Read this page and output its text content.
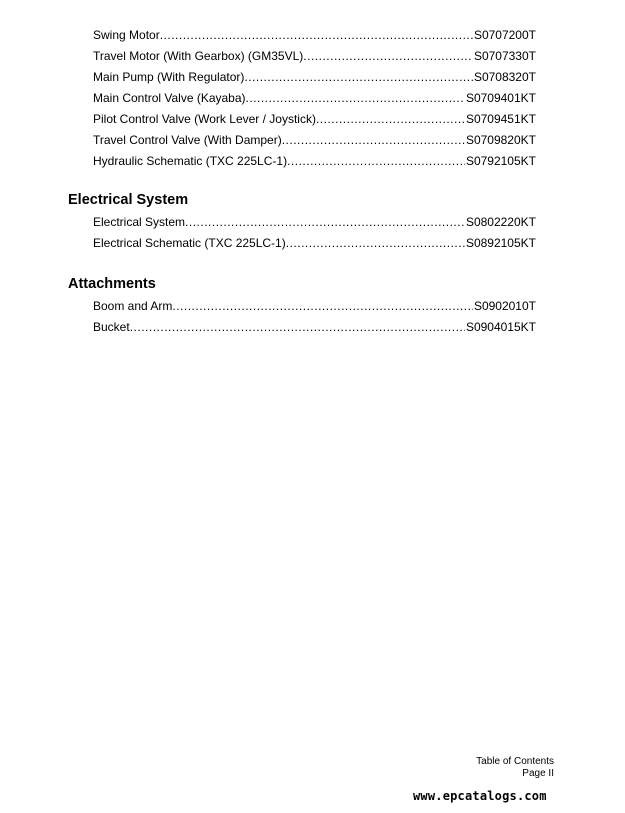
Swing Motor .....	S0707200T
Travel Motor (With Gearbox) (GM35VL) .....	S0707330T
Main Pump (With Regulator) .....	S0708320T
Main Control Valve (Kayaba) .....	S0709401KT
Pilot Control Valve (Work Lever / Joystick) .....	S0709451KT
Travel Control Valve (With Damper) .....	S0709820KT
Hydraulic Schematic (TXC 225LC-1) .....	S0792105KT
Electrical System
Electrical System .....	S0802220KT
Electrical Schematic (TXC 225LC-1) .....	S0892105KT
Attachments
Boom and Arm .....	S0902010T
Bucket .....	S0904015KT
Table of Contents
Page II
www.epcatalogs.com
